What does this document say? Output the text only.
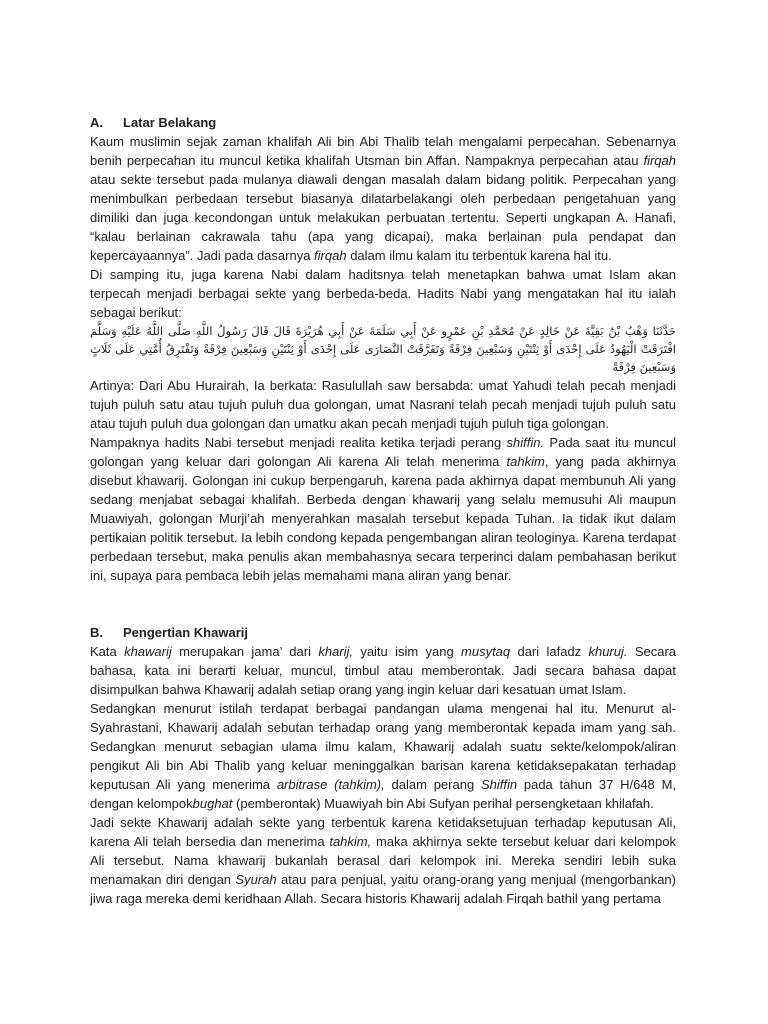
A. Latar Belakang

Kaum muslimin sejak zaman khalifah Ali bin Abi Thalib telah mengalami perpecahan. Sebenarnya benih perpecahan itu muncul ketika khalifah Utsman bin Affan. Nampaknya perpecahan atau firqah atau sekte tersebut pada mulanya diawali dengan masalah dalam bidang politik. Perpecahan yang menimbulkan perbedaan tersebut biasanya dilatarbelakangi oleh perbedaan pengetahuan yang dimiliki dan juga kecondongan untuk melakukan perbuatan tertentu. Seperti ungkapan A. Hanafi, “kalau berlainan cakrawala tahu (apa yang dicapai), maka berlainan pula pendapat dan kepercayaannya”. Jadi pada dasarnya firqah dalam ilmu kalam itu terbentuk karena hal itu.

Di samping itu, juga karena Nabi dalam haditsnya telah menetapkan bahwa umat Islam akan terpecah menjadi berbagai sekte yang berbeda-beda. Hadits Nabi yang mengatakan hal itu ialah sebagai berikut:

حَدَّثَنَا وَهْبُ بْنُ بَقِيَّةَ عَنْ خَالِدٍ عَنْ مُحَمَّدِ بْنِ عَمْرٍو عَنْ أَبِي سَلَمَةَ عَنْ أَبِي هُرَيْرَةَ قَالَ قَالَ رَسُولُ اللَّهِ صَلَّى اللَّهُ عَلَيْهِ وَسَلَّمَ افْتَرَقَتْ الْيَهُودُ عَلَى إِحْدَى أَوْ ثِنْتَيْنِ وَسَبْعِينَ فِرْقَةً وَتَفَرَّقَتْ النَّصَارَى عَلَى إِحْدَى أَوْ ثِنْتَيْنِ وَسَبْعِينَ فِرْقَةً وَتَفْتَرِقُ أُمَّتِي عَلَى ثَلَاثٍ وَسَبْعِينَ فِرْقَةً

Artinya: Dari Abu Hurairah, Ia berkata: Rasulullah saw bersabda: umat Yahudi telah pecah menjadi tujuh puluh satu atau tujuh puluh dua golongan, umat Nasrani telah pecah menjadi tujuh puluh satu atau tujuh puluh dua golongan dan umatku akan pecah menjadi tujuh puluh tiga golongan.

Nampaknya hadits Nabi tersebut menjadi realita ketika terjadi perang shiffin. Pada saat itu muncul golongan yang keluar dari golongan Ali karena Ali telah menerima tahkim, yang pada akhirnya disebut khawarij. Golongan ini cukup berpengaruh, karena pada akhirnya dapat membunuh Ali yang sedang menjabat sebagai khalifah. Berbeda dengan khawarij yang selalu memusuhi Ali maupun Muawiyah, golongan Murji’ah menyerahkan masalah tersebut kepada Tuhan. Ia tidak ikut dalam pertikaian politik tersebut. Ia lebih condong kepada pengembangan aliran teologinya. Karena terdapat perbedaan tersebut, maka penulis akan membahasnya secara terperinci dalam pembahasan berikut ini, supaya para pembaca lebih jelas memahami mana aliran yang benar.

B. Pengertian Khawarij

Kata khawarij merupakan jama’ dari kharij, yaitu isim yang musytaq dari lafadz khuruj. Secara bahasa, kata ini berarti keluar, muncul, timbul atau memberontak. Jadi secara bahasa dapat disimpulkan bahwa Khawarij adalah setiap orang yang ingin keluar dari kesatuan umat Islam.

Sedangkan menurut istilah terdapat berbagai pandangan ulama mengenai hal itu. Menurut al-Syahrastani, Khawarij adalah sebutan terhadap orang yang memberontak kepada imam yang sah. Sedangkan menurut sebagian ulama ilmu kalam, Khawarij adalah suatu sekte/kelompok/aliran pengikut Ali bin Abi Thalib yang keluar meninggalkan barisan karena ketidaksepakatan terhadap keputusan Ali yang menerima arbitrase (tahkim), dalam perang Shiffin pada tahun 37 H/648 M, dengan kelompokbughat (pemberontak) Muawiyah bin Abi Sufyan perihal persengketaan khilafah.

Jadi sekte Khawarij adalah sekte yang terbentuk karena ketidaksetujuan terhadap keputusan Ali, karena Ali telah bersedia dan menerima tahkim, maka akhirnya sekte tersebut keluar dari kelompok Ali tersebut. Nama khawarij bukanlah berasal dari kelompok ini. Mereka sendiri lebih suka menamakan diri dengan Syurah atau para penjual, yaitu orang-orang yang menjual (mengorbankan) jiwa raga mereka demi keridhaan Allah. Secara historis Khawarij adalah Firqah bathil yang pertama
